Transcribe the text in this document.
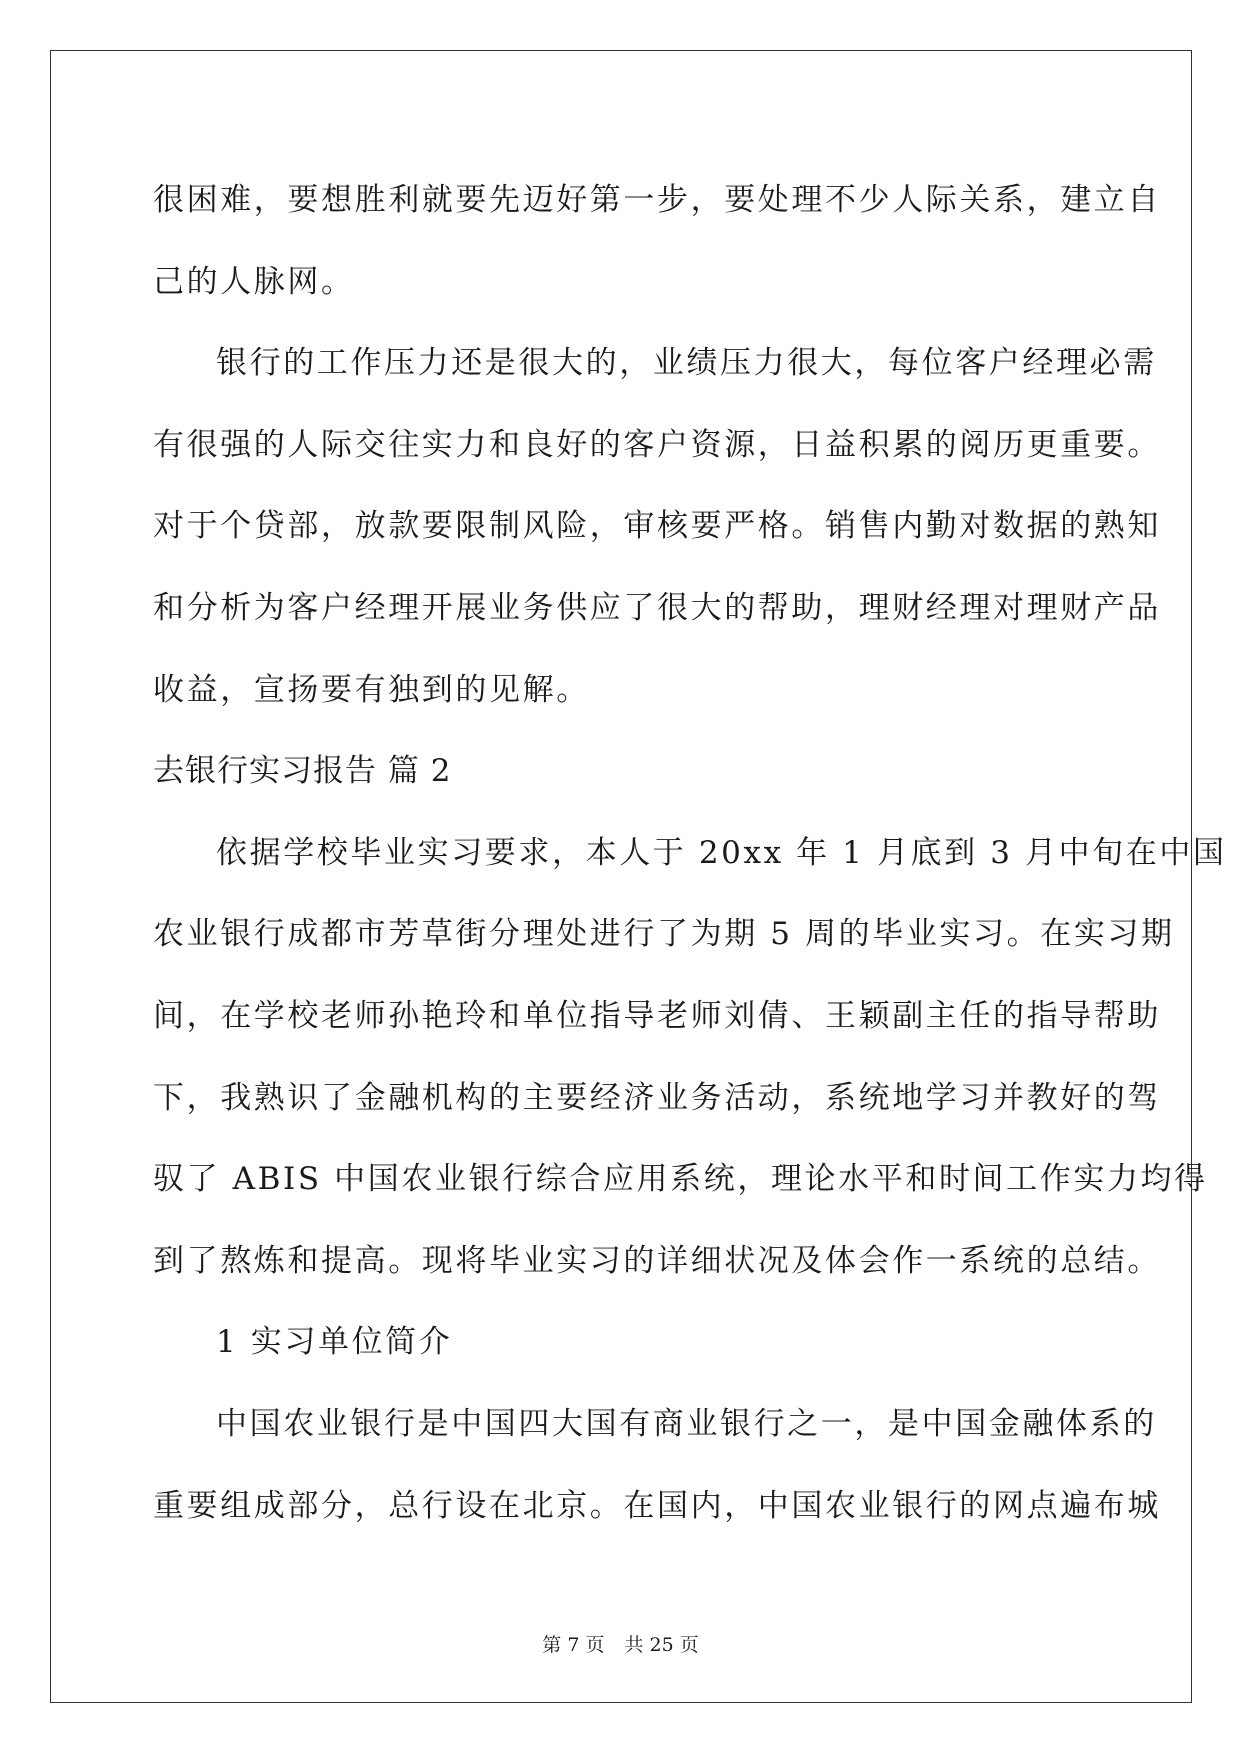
很困难，要想胜利就要先迈好第一步，要处理不少人际关系，建立自
己的人脉网。
银行的工作压力还是很大的，业绩压力很大，每位客户经理必需
有很强的人际交往实力和良好的客户资源，日益积累的阅历更重要。
对于个贷部，放款要限制风险，审核要严格。销售内勤对数据的熟知
和分析为客户经理开展业务供应了很大的帮助，理财经理对理财产品
收益，宣扬要有独到的见解。
去银行实习报告 篇 2
依据学校毕业实习要求，本人于 20xx 年 1 月底到 3 月中旬在中国
农业银行成都市芳草街分理处进行了为期 5 周的毕业实习。在实习期
间，在学校老师孙艳玲和单位指导老师刘倩、王颖副主任的指导帮助
下，我熟识了金融机构的主要经济业务活动，系统地学习并教好的驾
驭了 ABIS 中国农业银行综合应用系统，理论水平和时间工作实力均得
到了熬炼和提高。现将毕业实习的详细状况及体会作一系统的总结。
1 实习单位简介
中国农业银行是中国四大国有商业银行之一，是中国金融体系的
重要组成部分，总行设在北京。在国内，中国农业银行的网点遍布城
第 7 页 共 25 页
